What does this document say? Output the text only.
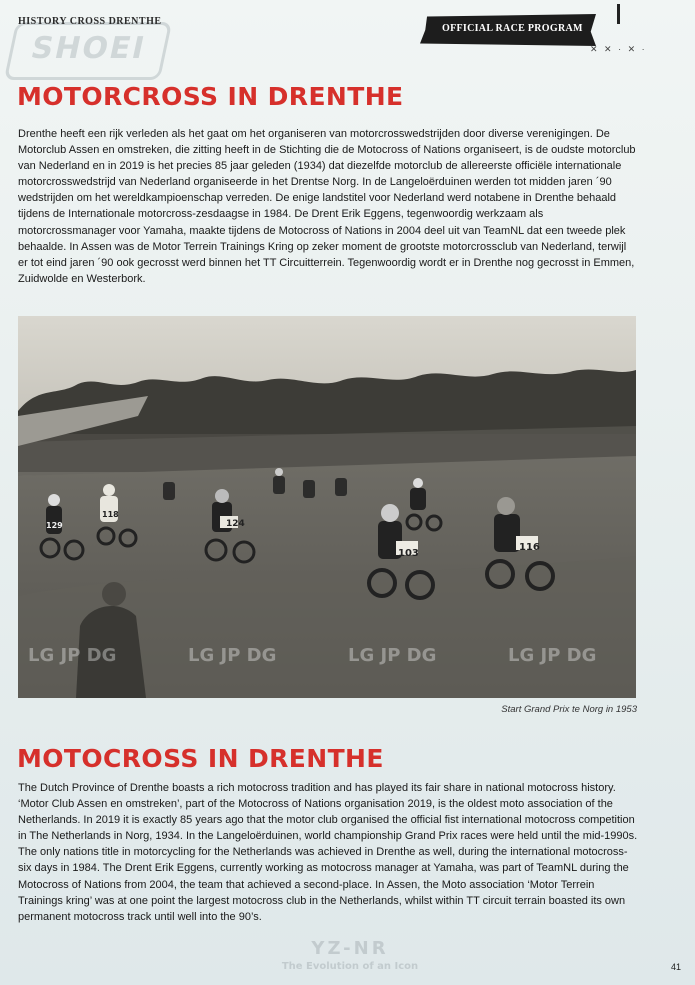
SHOEI
HISTORY CROSS DRENTHE
OFFICIAL RACE PROGRAM
✕ ✕ · ✕ ·
MOTORCROSS IN DRENTHE

Drenthe heeft een rijk verleden als het gaat om het organiseren van motorcrosswedstrijden door diverse verenigingen. De Motorclub Assen en omstreken, die zitting heeft in de Stichting die de Motocross of Nations organiseert, is de oudste motorclub van Nederland en in 2019 is het precies 85 jaar geleden (1934) dat diezelfde motorclub de allereerste officiële internationale motorcrosswedstrijd van Nederland organiseerde in het Drentse Norg. In de Langeloërduinen werden tot midden jaren ´90 wedstrijden om het wereldkampioenschap verreden. De enige landstitel voor Nederland werd notabene in Drenthe behaald tijdens de Internationale motorcross-zesdaagse in 1984. De Drent Erik Eggens, tegenwoordig werkzaam als motorcrossmanager voor Yamaha, maakte tijdens de Motocross of Nations in 2004 deel uit van TeamNL dat een tweede plek behaalde. In Assen was de Motor Terrein Trainings Kring op zeker moment de grootste motorcrossclub van Nederland, terwijl er tot eind jaren ´90 ook gecrosst werd binnen het TT Circuitterrein. Tegenwoordig wordt er in Drenthe nog gecrosst in Emmen, Zuidwolde en Westerbork.

124
103
116
118
129
LG JP DG	LG JP DG	LG JP DG	LG JP DG
Start Grand Prix te Norg in 1953
MOTOCROSS IN DRENTHE

The Dutch Province of Drenthe boasts a rich motocross tradition and has played its fair share in national motocross history. ‘Motor Club Assen en omstreken’, part of the Motocross of Nations organisation 2019, is the oldest moto association of the Netherlands. In 2019 it is exactly 85 years ago that the motor club organised the official fist international motocross competition in The Netherlands in Norg, 1934. In the Langeloërduinen, world championship Grand Prix races were held until the mid-1990s. The only nations title in motorcycling for the Netherlands was achieved in Drenthe as well, during the international motocross-six days in 1984. The Drent Erik Eggens, currently working as motocross manager at Yamaha, was part of TeamNL during the Motocross of Nations from 2004, the team that achieved a second-place. In Assen, the Moto association ‘Motor Terrein Trainings kring’ was at one point the largest motocross club in the Netherlands, whilst within TT circuit terrain boasted its own permanent motocross track until well into the 90’s.

YZ-NR
The Evolution of an Icon	41
